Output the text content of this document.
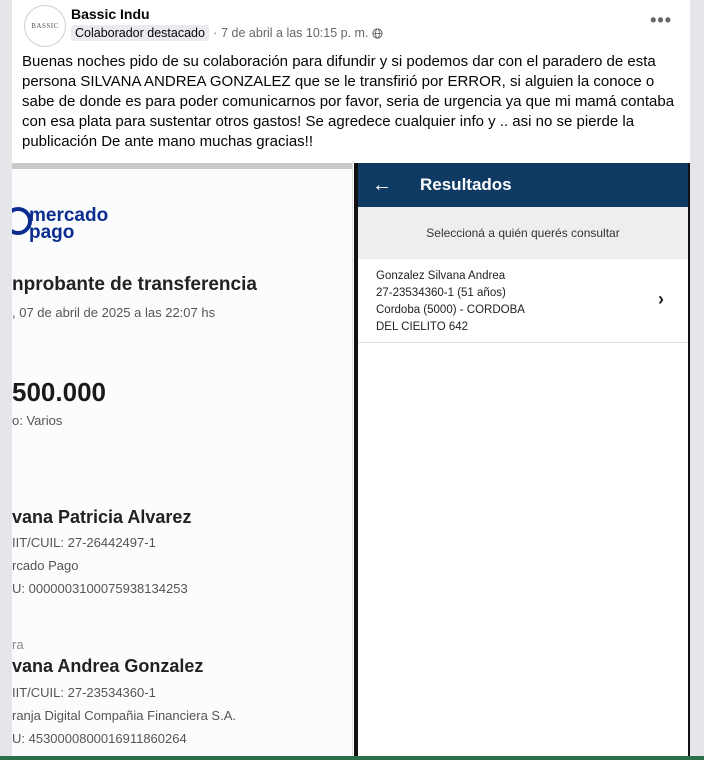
BASSIC
Bassic Indu
Colaborador destacado · 7 de abril a las 10:15 p. m.
•••
Buenas noches pido de su colaboración para difundir y si podemos dar con el paradero de esta persona SILVANA ANDREA GONZALEZ que se le transfirió por ERROR, si alguien la conoce o sabe de donde es para poder comunicarnos por favor, seria de urgencia ya que mi mamá contaba con esa plata para sustentar otros gastos! Se agredece cualquier info y .. asi no se pierde la publicación De ante mano muchas gracias!!
mercado
pago
nprobante de transferencia
, 07 de abril de 2025 a las 22:07 hs
500.000
o: Varios
vana Patricia Alvarez
IIT/CUIL: 27-26442497-1
rcado Pago
U: 0000003100075938134253
ra
vana Andrea Gonzalez
IIT/CUIL: 27-23534360-1
ranja Digital Compañia Financiera S.A.
U: 4530000800016911860264
←	Resultados
Seleccioná a quién querés consultar
Gonzalez Silvana Andrea
27-23534360-1 (51 años)
Cordoba (5000) - CORDOBA
DEL CIELITO 642
›
